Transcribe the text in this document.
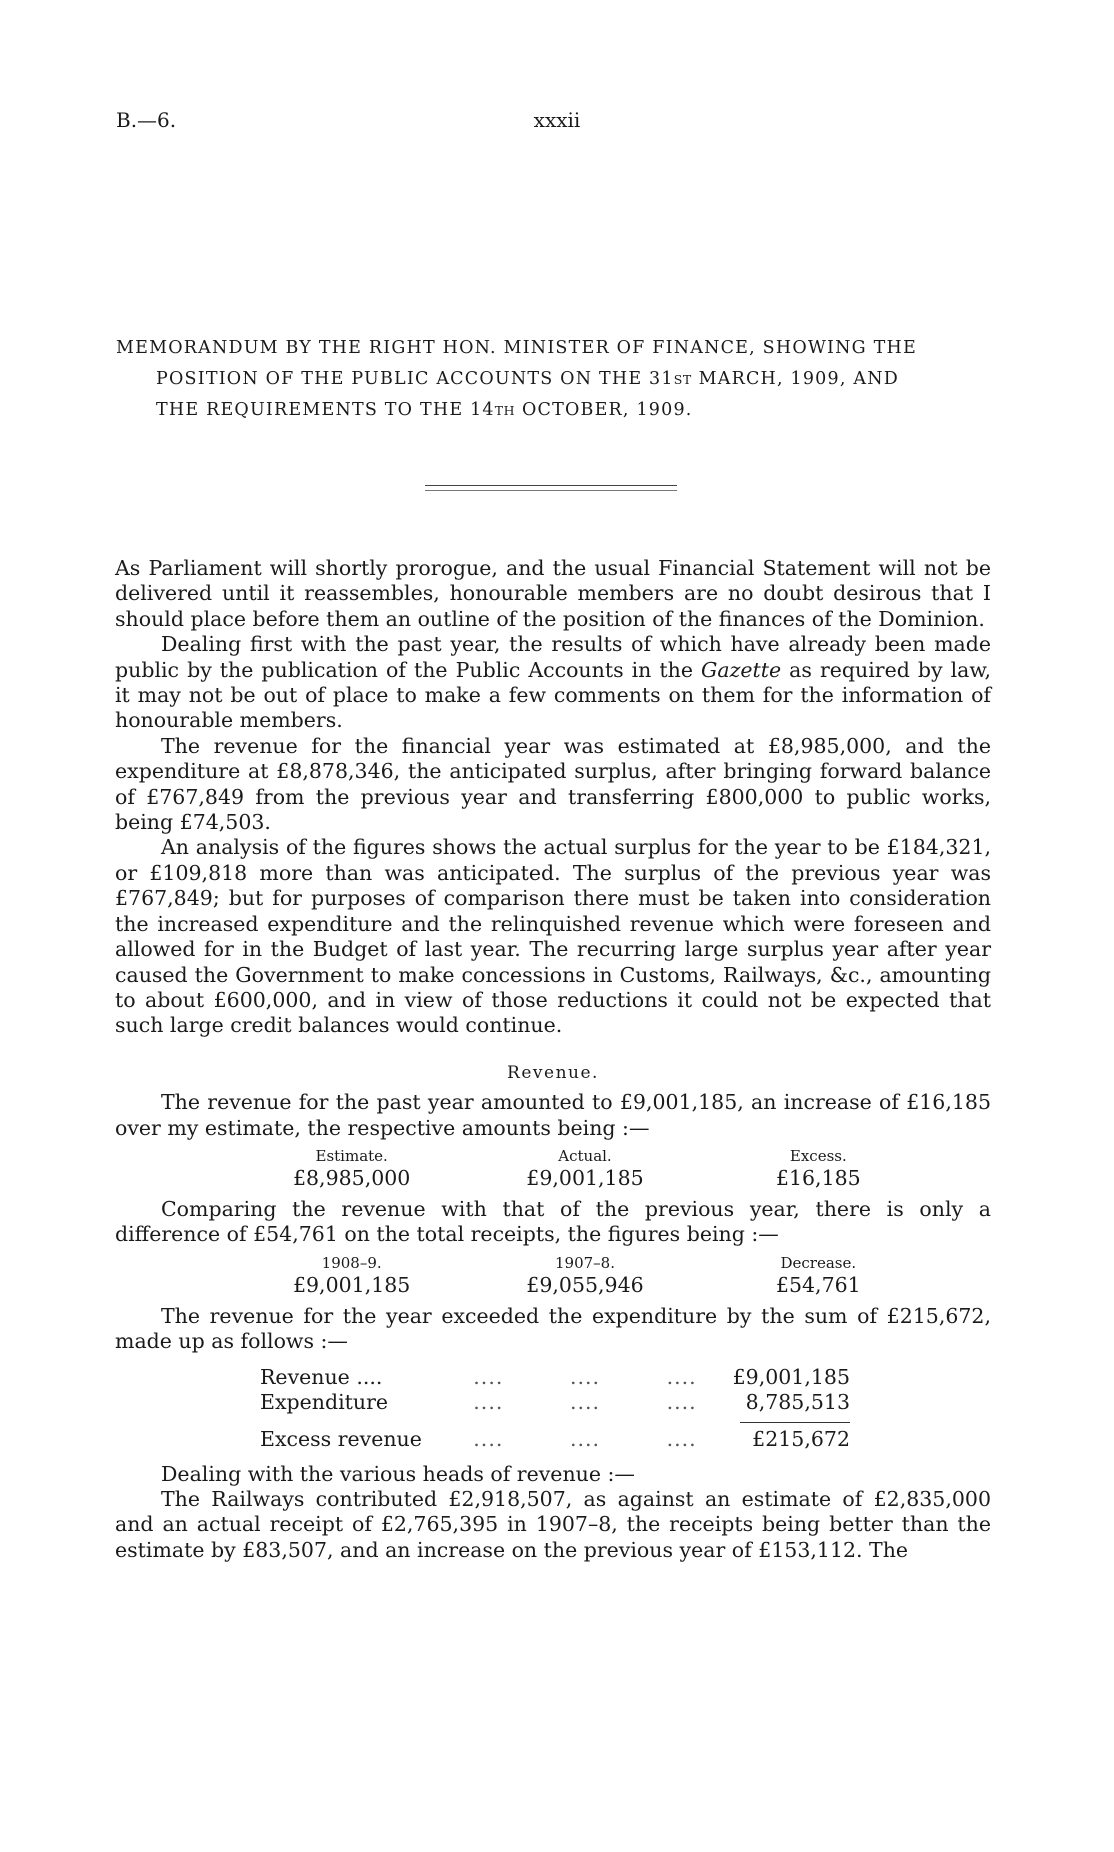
B.—6.	xxxii
MEMORANDUM BY THE RIGHT HON. MINISTER OF FINANCE, SHOWING THE
POSITION OF THE PUBLIC ACCOUNTS ON THE 31ST MARCH, 1909, AND
THE REQUIREMENTS TO THE 14TH OCTOBER, 1909.

As Parliament will shortly prorogue, and the usual Financial Statement will not be delivered until it reassembles, honourable members are no doubt desirous that I should place before them an outline of the position of the finances of the Dominion.

Dealing first with the past year, the results of which have already been made public by the publication of the Public Accounts in the Gazette as required by law, it may not be out of place to make a few comments on them for the information of honourable members.

The revenue for the financial year was estimated at £8,985,000, and the expenditure at £8,878,346, the anticipated surplus, after bringing forward balance of £767,849 from the previous year and transferring £800,000 to public works, being £74,503.

An analysis of the figures shows the actual surplus for the year to be £184,321, or £109,818 more than was anticipated. The surplus of the previous year was £767,849; but for purposes of comparison there must be taken into consideration the increased expenditure and the relinquished revenue which were foreseen and allowed for in the Budget of last year. The recurring large surplus year after year caused the Government to make concessions in Customs, Railways, &c., amounting to about £600,000, and in view of those reductions it could not be expected that such large credit balances would continue.

Revenue.

The revenue for the past year amounted to £9,001,185, an increase of £16,185 over my estimate, the respective amounts being :—

Estimate.	Actual.	Excess.
£8,985,000	£9,001,185	£16,185

Comparing the revenue with that of the previous year, there is only a difference of £54,761 on the total receipts, the figures being :—

1908–9.	1907–8.	Decrease.
£9,001,185	£9,055,946	£54,761

The revenue for the year exceeded the expenditure by the sum of £215,672, made up as follows :—

Revenue ....	....	....	.... £9,001,185
Expenditure	....	....	....	8,785,513
Excess revenue	....	....	....	£215,672

Dealing with the various heads of revenue :—

The Railways contributed £2,918,507, as against an estimate of £2,835,000 and an actual receipt of £2,765,395 in 1907–8, the receipts being better than the estimate by £83,507, and an increase on the previous year of £153,112. The
